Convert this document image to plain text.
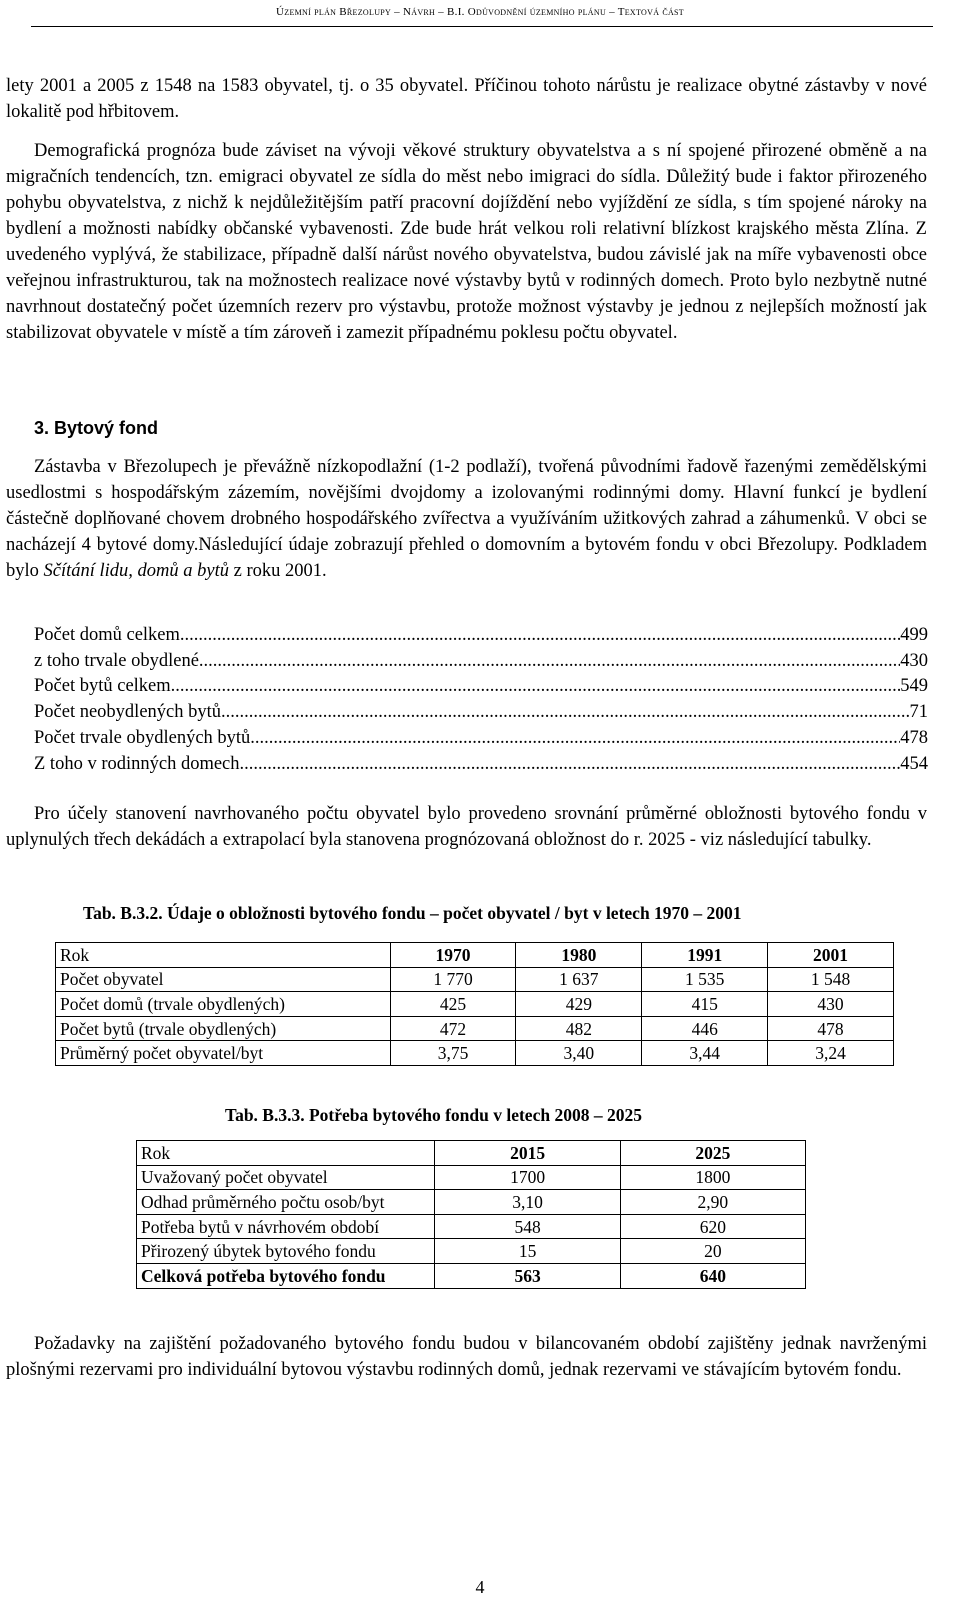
Územní plán Březolupy – Návrh – B.I. Odůvodnění územního plánu – Textová část

lety 2001 a 2005 z 1548 na 1583 obyvatel, tj. o 35 obyvatel. Příčinou tohoto nárůstu je realizace obytné zástavby v nové lokalitě pod hřbitovem.

Demografická prognóza bude záviset na vývoji věkové struktury obyvatelstva a s ní spojené přirozené obměně a na migračních tendencích, tzn. emigraci obyvatel ze sídla do měst nebo imigraci do sídla. Důležitý bude i faktor přirozeného pohybu obyvatelstva, z nichž k nejdůležitějším patří pracovní dojíždění nebo vyjíždění ze sídla, s tím spojené nároky na bydlení a možnosti nabídky občanské vybavenosti. Zde bude hrát velkou roli relativní blízkost krajského města Zlína. Z uvedeného vyplývá, že stabilizace, případně další nárůst nového obyvatelstva, budou závislé jak na míře vybavenosti obce veřejnou infrastrukturou, tak na možnostech realizace nové výstavby bytů v rodinných domech. Proto bylo nezbytně nutné navrhnout dostatečný počet územních rezerv pro výstavbu, protože možnost výstavby je jednou z nejlepších možností jak stabilizovat obyvatele v místě a tím zároveň i zamezit případnému poklesu počtu obyvatel.

3. Bytový fond

Zástavba v Březolupech je převážně nízkopodlažní (1-2 podlaží), tvořená původními řadově řazenými zemědělskými usedlostmi s hospodářským zázemím, novějšími dvojdomy a izolovanými rodinnými domy. Hlavní funkcí je bydlení částečně doplňované chovem drobného hospodářského zvířectva a využíváním užitkových zahrad a záhumenků. V obci se nacházejí 4 bytové domy.Následující údaje zobrazují přehled o domovním a bytovém fondu v obci Březolupy. Podkladem bylo Sčítání lidu, domů a bytů z roku 2001.

Počet domů celkem .....	499
z toho trvale obydlené .....	430
Počet bytů celkem .....	549
Počet neobydlených bytů .....	71
Počet trvale obydlených bytů .....	478
Z toho v rodinných domech .....	454

Pro účely stanovení navrhovaného počtu obyvatel bylo provedeno srovnání průměrné obložnosti bytového fondu v uplynulých třech dekádách a extrapolací byla stanovena prognózovaná obložnost do r. 2025 - viz následující tabulky.

Tab. B.3.2. Údaje o obložnosti bytového fondu – počet obyvatel / byt v letech 1970 – 2001
Rok	1970	1980	1991	2001
Počet obyvatel	1 770	1 637	1 535	1 548
Počet domů (trvale obydlených)	425	429	415	430
Počet bytů (trvale obydlených)	472	482	446	478
Průměrný počet obyvatel/byt	3,75	3,40	3,44	3,24
Tab. B.3.3. Potřeba bytového fondu v letech 2008 – 2025
Rok	2015	2025
Uvažovaný počet obyvatel	1700	1800
Odhad průměrného počtu osob/byt	3,10	2,90
Potřeba bytů v návrhovém období	548	620
Přirozený úbytek bytového fondu	15	20
Celková potřeba bytového fondu	563	640

Požadavky na zajištění požadovaného bytového fondu budou v bilancovaném období zajištěny jednak navrženými plošnými rezervami pro individuální bytovou výstavbu rodinných domů, jednak rezervami ve stávajícím bytovém fondu.

4
